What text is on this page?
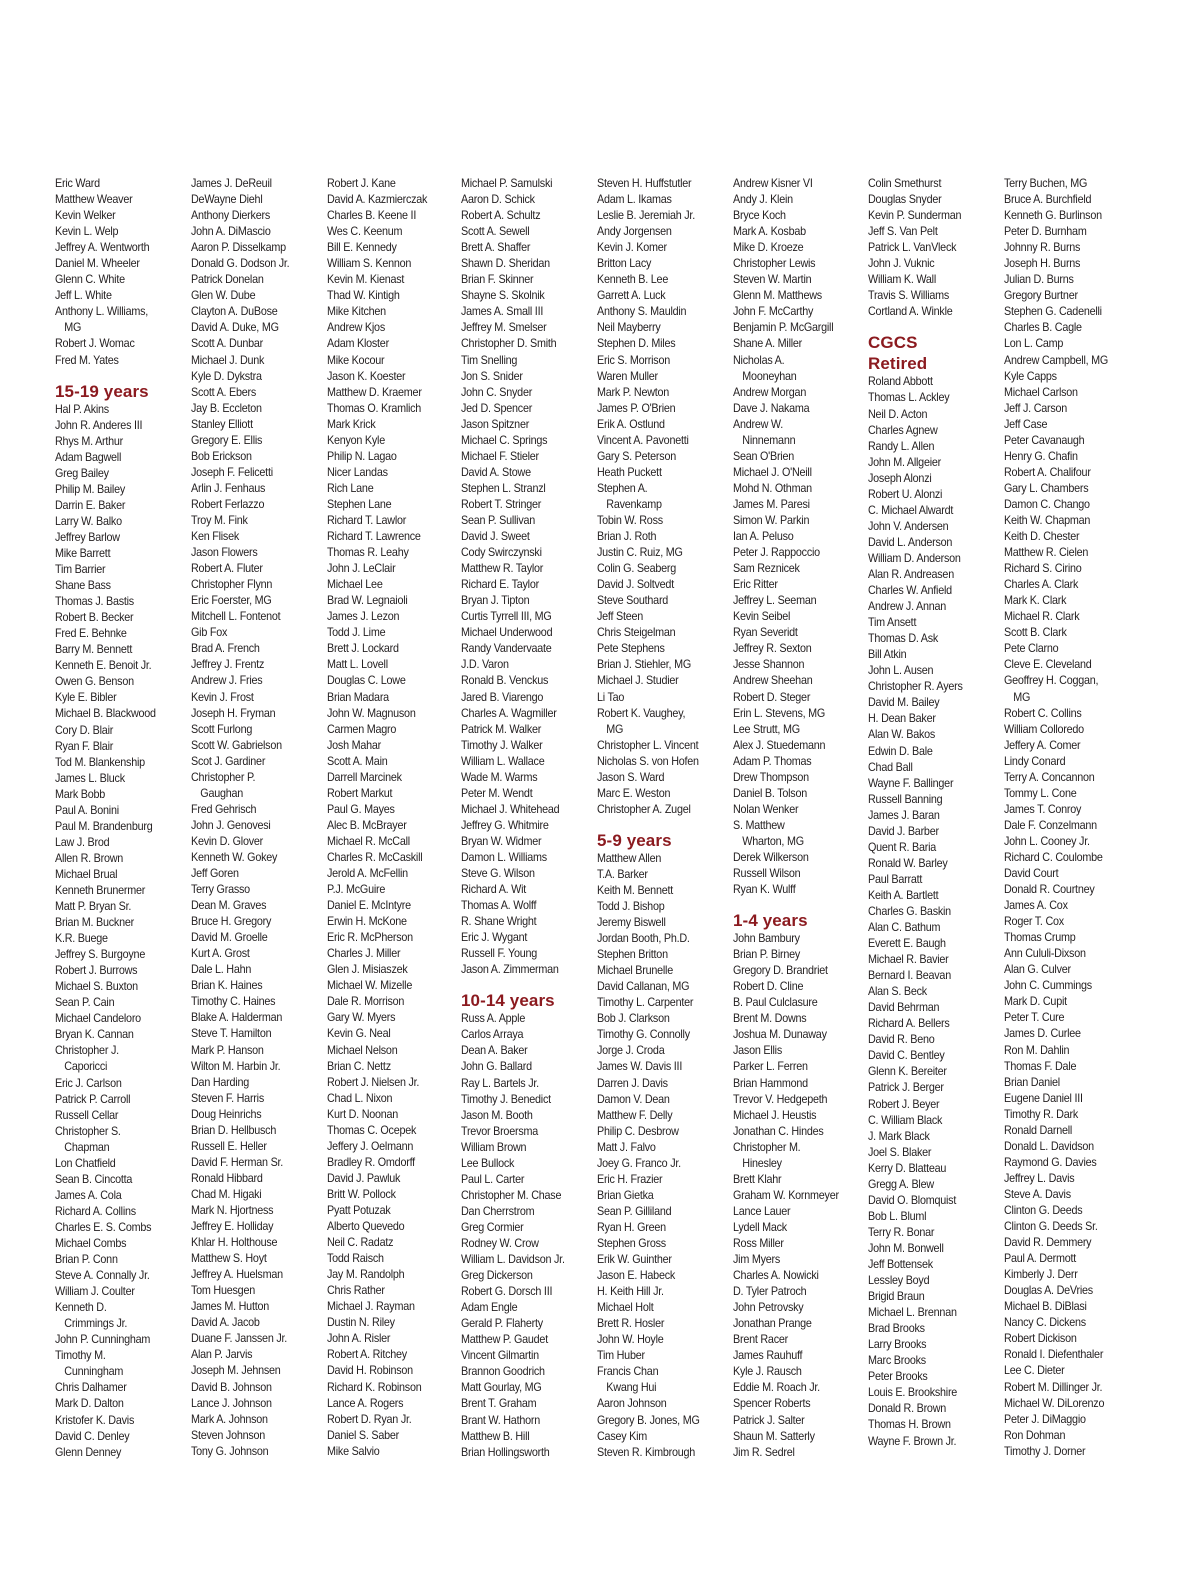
Eric Ward
Matthew Weaver
Kevin Welker
Kevin L. Welp
Jeffrey A. Wentworth
Daniel M. Wheeler
Glenn C. White
Jeff L. White
Anthony L. Williams,
MG
Robert J. Womac
Fred M. Yates
15-19 years
Hal P. Akins
John R. Anderes III
Rhys M. Arthur
Adam Bagwell
Greg Bailey
Philip M. Bailey
Darrin E. Baker
Larry W. Balko
Jeffrey Barlow
Mike Barrett
Tim Barrier
Shane Bass
Thomas J. Bastis
Robert B. Becker
Fred E. Behnke
Barry M. Bennett
Kenneth E. Benoit Jr.
Owen G. Benson
Kyle E. Bibler
Michael B. Blackwood
Cory D. Blair
Ryan F. Blair
Tod M. Blankenship
James L. Bluck
Mark Bobb
Paul A. Bonini
Paul M. Brandenburg
Law J. Brod
Allen R. Brown
Michael Brual
Kenneth Brunermer
Matt P. Bryan Sr.
Brian M. Buckner
K.R. Buege
Jeffrey S. Burgoyne
Robert J. Burrows
Michael S. Buxton
Sean P. Cain
Michael Candeloro
Bryan K. Cannan
Christopher J.
Caporicci
Eric J. Carlson
Patrick P. Carroll
Russell Cellar
Christopher S.
Chapman
Lon Chatfield
Sean B. Cincotta
James A. Cola
Richard A. Collins
Charles E. S. Combs
Michael Combs
Brian P. Conn
Steve A. Connally Jr.
William J. Coulter
Kenneth D.
Crimmings Jr.
John P. Cunningham
Timothy M.
Cunningham
Chris Dalhamer
Mark D. Dalton
Kristofer K. Davis
David C. Denley
Glenn Denney
James J. DeReuil
DeWayne Diehl
Anthony Dierkers
John A. DiMascio
Aaron P. Disselkamp
Donald G. Dodson Jr.
Patrick Donelan
Glen W. Dube
Clayton A. DuBose
David A. Duke, MG
Scott A. Dunbar
Michael J. Dunk
Kyle D. Dykstra
Scott A. Ebers
Jay B. Eccleton
Stanley Elliott
Gregory E. Ellis
Bob Erickson
Joseph F. Felicetti
Arlin J. Fenhaus
Robert Ferlazzo
Troy M. Fink
Ken Flisek
Jason Flowers
Robert A. Fluter
Christopher Flynn
Eric Foerster, MG
Mitchell L. Fontenot
Gib Fox
Brad A. French
Jeffrey J. Frentz
Andrew J. Fries
Kevin J. Frost
Joseph H. Fryman
Scott Furlong
Scott W. Gabrielson
Scot J. Gardiner
Christopher P.
Gaughan
Fred Gehrisch
John J. Genovesi
Kevin D. Glover
Kenneth W. Gokey
Jeff Goren
Terry Grasso
Dean M. Graves
Bruce H. Gregory
David M. Groelle
Kurt A. Grost
Dale L. Hahn
Brian K. Haines
Timothy C. Haines
Blake A. Halderman
Steve T. Hamilton
Mark P. Hanson
Wilton M. Harbin Jr.
Dan Harding
Steven F. Harris
Doug Heinrichs
Brian D. Hellbusch
Russell E. Heller
David F. Herman Sr.
Ronald Hibbard
Chad M. Higaki
Mark N. Hjortness
Jeffrey E. Holliday
Khlar H. Holthouse
Matthew S. Hoyt
Jeffrey A. Huelsman
Tom Huesgen
James M. Hutton
David A. Jacob
Duane F. Janssen Jr.
Alan P. Jarvis
Joseph M. Jehnsen
David B. Johnson
Lance J. Johnson
Mark A. Johnson
Steven Johnson
Tony G. Johnson
Robert J. Kane
David A. Kazmierczak
Charles B. Keene II
Wes C. Keenum
Bill E. Kennedy
William S. Kennon
Kevin M. Kienast
Thad W. Kintigh
Mike Kitchen
Andrew Kjos
Adam Kloster
Mike Kocour
Jason K. Koester
Matthew D. Kraemer
Thomas O. Kramlich
Mark Krick
Kenyon Kyle
Philip N. Lagao
Nicer Landas
Rich Lane
Stephen Lane
Richard T. Lawlor
Richard T. Lawrence
Thomas R. Leahy
John J. LeClair
Michael Lee
Brad W. Legnaioli
James J. Lezon
Todd J. Lime
Brett J. Lockard
Matt L. Lovell
Douglas C. Lowe
Brian Madara
John W. Magnuson
Carmen Magro
Josh Mahar
Scott A. Main
Darrell Marcinek
Robert Markut
Paul G. Mayes
Alec B. McBrayer
Michael R. McCall
Charles R. McCaskill
Jerold A. McFellin
P.J. McGuire
Daniel E. McIntyre
Erwin H. McKone
Eric R. McPherson
Charles J. Miller
Glen J. Misiaszek
Michael W. Mizelle
Dale R. Morrison
Gary W. Myers
Kevin G. Neal
Michael Nelson
Brian C. Nettz
Robert J. Nielsen Jr.
Chad L. Nixon
Kurt D. Noonan
Thomas C. Ocepek
Jeffery J. Oelmann
Bradley R. Omdorff
David J. Pawluk
Britt W. Pollock
Pyatt Potuzak
Alberto Quevedo
Neil C. Radatz
Todd Raisch
Jay M. Randolph
Chris Rather
Michael J. Rayman
Dustin N. Riley
John A. Risler
Robert A. Ritchey
David H. Robinson
Richard K. Robinson
Lance A. Rogers
Robert D. Ryan Jr.
Daniel S. Saber
Mike Salvio
Michael P. Samulski
Aaron D. Schick
Robert A. Schultz
Scott A. Sewell
Brett A. Shaffer
Shawn D. Sheridan
Brian F. Skinner
Shayne S. Skolnik
James A. Small III
Jeffrey M. Smelser
Christopher D. Smith
Tim Snelling
Jon S. Snider
John C. Snyder
Jed D. Spencer
Jason Spitzner
Michael C. Springs
Michael F. Stieler
David A. Stowe
Stephen L. Stranzl
Robert T. Stringer
Sean P. Sullivan
David J. Sweet
Cody Swirczynski
Matthew R. Taylor
Richard E. Taylor
Bryan J. Tipton
Curtis Tyrrell III, MG
Michael Underwood
Randy Vandervaate
J.D. Varon
Ronald B. Venckus
Jared B. Viarengo
Charles A. Wagmiller
Patrick M. Walker
Timothy J. Walker
William L. Wallace
Wade M. Warms
Peter M. Wendt
Michael J. Whitehead
Jeffrey G. Whitmire
Bryan W. Widmer
Damon L. Williams
Steve G. Wilson
Richard A. Wit
Thomas A. Wolff
R. Shane Wright
Eric J. Wygant
Russell F. Young
Jason A. Zimmerman
10-14 years
Russ A. Apple
Carlos Arraya
Dean A. Baker
John G. Ballard
Ray L. Bartels Jr.
Timothy J. Benedict
Jason M. Booth
Trevor Broersma
William Brown
Lee Bullock
Paul L. Carter
Christopher M. Chase
Dan Cherrstrom
Greg Cormier
Rodney W. Crow
William L. Davidson Jr.
Greg Dickerson
Robert G. Dorsch III
Adam Engle
Gerald P. Flaherty
Matthew P. Gaudet
Vincent Gilmartin
Brannon Goodrich
Matt Gourlay, MG
Brent T. Graham
Brant W. Hathorn
Matthew B. Hill
Brian Hollingsworth
Steven H. Huffstutler
Adam L. Ikamas
Leslie B. Jeremiah Jr.
Andy Jorgensen
Kevin J. Komer
Britton Lacy
Kenneth B. Lee
Garrett A. Luck
Anthony S. Mauldin
Neil Mayberry
Stephen D. Miles
Eric S. Morrison
Waren Muller
Mark P. Newton
James P. O'Brien
Erik A. Ostlund
Vincent A. Pavonetti
Gary S. Peterson
Heath Puckett
Stephen A.
Ravenkamp
Tobin W. Ross
Brian J. Roth
Justin C. Ruiz, MG
Colin G. Seaberg
David J. Soltvedt
Steve Southard
Jeff Steen
Chris Steigelman
Pete Stephens
Brian J. Stiehler, MG
Michael J. Studier
Li Tao
Robert K. Vaughey,
MG
Christopher L. Vincent
Nicholas S. von Hofen
Jason S. Ward
Marc E. Weston
Christopher A. Zugel
5-9 years
Matthew Allen
T.A. Barker
Keith M. Bennett
Todd J. Bishop
Jeremy Biswell
Jordan Booth, Ph.D.
Stephen Britton
Michael Brunelle
David Callanan, MG
Timothy L. Carpenter
Bob J. Clarkson
Timothy G. Connolly
Jorge J. Croda
James W. Davis III
Darren J. Davis
Damon V. Dean
Matthew F. Delly
Philip C. Desbrow
Matt J. Falvo
Joey G. Franco Jr.
Eric H. Frazier
Brian Gietka
Sean P. Gilliland
Ryan H. Green
Stephen Gross
Erik W. Guinther
Jason E. Habeck
H. Keith Hill Jr.
Michael Holt
Brett R. Hosler
John W. Hoyle
Tim Huber
Francis Chan
Kwang Hui
Aaron Johnson
Gregory B. Jones, MG
Casey Kim
Steven R. Kimbrough
Andrew Kisner VI
Andy J. Klein
Bryce Koch
Mark A. Kosbab
Mike D. Kroeze
Christopher Lewis
Steven W. Martin
Glenn M. Matthews
John F. McCarthy
Benjamin P. McGargill
Shane A. Miller
Nicholas A.
Mooneyhan
Andrew Morgan
Dave J. Nakama
Andrew W.
Ninnemann
Sean O'Brien
Michael J. O'Neill
Mohd N. Othman
James M. Paresi
Simon W. Parkin
Ian A. Peluso
Peter J. Rappoccio
Sam Reznicek
Eric Ritter
Jeffrey L. Seeman
Kevin Seibel
Ryan Severidt
Jeffrey R. Sexton
Jesse Shannon
Andrew Sheehan
Robert D. Steger
Erin L. Stevens, MG
Lee Strutt, MG
Alex J. Stuedemann
Adam P. Thomas
Drew Thompson
Daniel B. Tolson
Nolan Wenker
S. Matthew
Wharton, MG
Derek Wilkerson
Russell Wilson
Ryan K. Wulff
1-4 years
John Bambury
Brian P. Birney
Gregory D. Brandriet
Robert D. Cline
B. Paul Culclasure
Brent M. Downs
Joshua M. Dunaway
Jason Ellis
Parker L. Ferren
Brian Hammond
Trevor V. Hedgepeth
Michael J. Heustis
Jonathan C. Hindes
Christopher M.
Hinesley
Brett Klahr
Graham W. Kornmeyer
Lance Lauer
Lydell Mack
Ross Miller
Jim Myers
Charles A. Nowicki
D. Tyler Patroch
John Petrovsky
Jonathan Prange
Brent Racer
James Rauhuff
Kyle J. Rausch
Eddie M. Roach Jr.
Spencer Roberts
Patrick J. Salter
Shaun M. Satterly
Jim R. Sedrel
Colin Smethurst
Douglas Snyder
Kevin P. Sunderman
Jeff S. Van Pelt
Patrick L. VanVleck
John J. Vuknic
William K. Wall
Travis S. Williams
Cortland A. Winkle
CGCS
Retired
Roland Abbott
Thomas L. Ackley
Neil D. Acton
Charles Agnew
Randy L. Allen
John M. Allgeier
Joseph Alonzi
Robert U. Alonzi
C. Michael Alwardt
John V. Andersen
David L. Anderson
William D. Anderson
Alan R. Andreasen
Charles W. Anfield
Andrew J. Annan
Tim Ansett
Thomas D. Ask
Bill Atkin
John L. Ausen
Christopher R. Ayers
David M. Bailey
H. Dean Baker
Alan W. Bakos
Edwin D. Bale
Chad Ball
Wayne F. Ballinger
Russell Banning
James J. Baran
David J. Barber
Quent R. Baria
Ronald W. Barley
Paul Barratt
Keith A. Bartlett
Charles G. Baskin
Alan C. Bathum
Everett E. Baugh
Michael R. Bavier
Bernard I. Beavan
Alan S. Beck
David Behrman
Richard A. Bellers
David R. Beno
David C. Bentley
Glenn K. Bereiter
Patrick J. Berger
Robert J. Beyer
C. William Black
J. Mark Black
Joel S. Blaker
Kerry D. Blatteau
Gregg A. Blew
David O. Blomquist
Bob L. Bluml
Terry R. Bonar
John M. Bonwell
Jeff Bottensek
Lessley Boyd
Brigid Braun
Michael L. Brennan
Brad Brooks
Larry Brooks
Marc Brooks
Peter Brooks
Louis E. Brookshire
Donald R. Brown
Thomas H. Brown
Wayne F. Brown Jr.
Terry Buchen, MG
Bruce A. Burchfield
Kenneth G. Burlinson
Peter D. Burnham
Johnny R. Burns
Joseph H. Burns
Julian D. Burns
Gregory Burtner
Stephen G. Cadenelli
Charles B. Cagle
Lon L. Camp
Andrew Campbell, MG
Kyle Capps
Michael Carlson
Jeff J. Carson
Jeff Case
Peter Cavanaugh
Henry G. Chafin
Robert A. Chalifour
Gary L. Chambers
Damon C. Chango
Keith W. Chapman
Keith D. Chester
Matthew R. Cielen
Richard S. Cirino
Charles A. Clark
Mark K. Clark
Michael R. Clark
Scott B. Clark
Pete Clarno
Cleve E. Cleveland
Geoffrey H. Coggan,
MG
Robert C. Collins
William Colloredo
Jeffery A. Comer
Lindy Conard
Terry A. Concannon
Tommy L. Cone
James T. Conroy
Dale F. Conzelmann
John L. Cooney Jr.
Richard C. Coulombe
David Court
Donald R. Courtney
James A. Cox
Roger T. Cox
Thomas Crump
Ann Cululi-Dixson
Alan G. Culver
John C. Cummings
Mark D. Cupit
Peter T. Cure
James D. Curlee
Ron M. Dahlin
Thomas F. Dale
Brian Daniel
Eugene Daniel III
Timothy R. Dark
Ronald Darnell
Donald L. Davidson
Raymond G. Davies
Jeffrey L. Davis
Steve A. Davis
Clinton G. Deeds
Clinton G. Deeds Sr.
David R. Demmery
Paul A. Dermott
Kimberly J. Derr
Douglas A. DeVries
Michael B. DiBlasi
Nancy C. Dickens
Robert Dickison
Ronald I. Diefenthaler
Lee C. Dieter
Robert M. Dillinger Jr.
Michael W. DiLorenzo
Peter J. DiMaggio
Ron Dohman
Timothy J. Dorner
